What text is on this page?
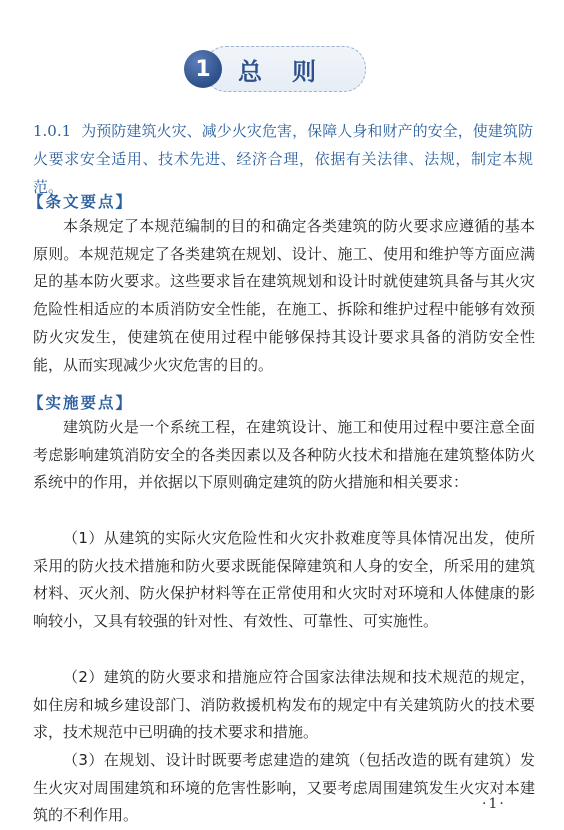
1	总则
1.0.1 为预防建筑火灾、减少火灾危害，保障人身和财产的安全，使建筑防火要求安全适用、技术先进、经济合理，依据有关法律、法规，制定本规范。
【条文要点】
本条规定了本规范编制的目的和确定各类建筑的防火要求应遵循的基本原则。本规范规定了各类建筑在规划、设计、施工、使用和维护等方面应满足的基本防火要求。这些要求旨在建筑规划和设计时就使建筑具备与其火灾危险性相适应的本质消防安全性能，在施工、拆除和维护过程中能够有效预防火灾发生，使建筑在使用过程中能够保持其设计要求具备的消防安全性能，从而实现减少火灾危害的目的。
【实施要点】
建筑防火是一个系统工程，在建筑设计、施工和使用过程中要注意全面考虑影响建筑消防安全的各类因素以及各种防火技术和措施在建筑整体防火系统中的作用，并依据以下原则确定建筑的防火措施和相关要求：
（1）从建筑的实际火灾危险性和火灾扑救难度等具体情况出发，使所采用的防火技术措施和防火要求既能保障建筑和人身的安全，所采用的建筑材料、灭火剂、防火保护材料等在正常使用和火灾时对环境和人体健康的影响较小，又具有较强的针对性、有效性、可靠性、可实施性。
（2）建筑的防火要求和措施应符合国家法律法规和技术规范的规定，如住房和城乡建设部门、消防救援机构发布的规定中有关建筑防火的技术要求，技术规范中已明确的技术要求和措施。
（3）在规划、设计时既要考虑建造的建筑（包括改造的既有建筑）发生火灾对周围建筑和环境的危害性影响，又要考虑周围建筑发生火灾对本建筑的不利作用。
·1·
